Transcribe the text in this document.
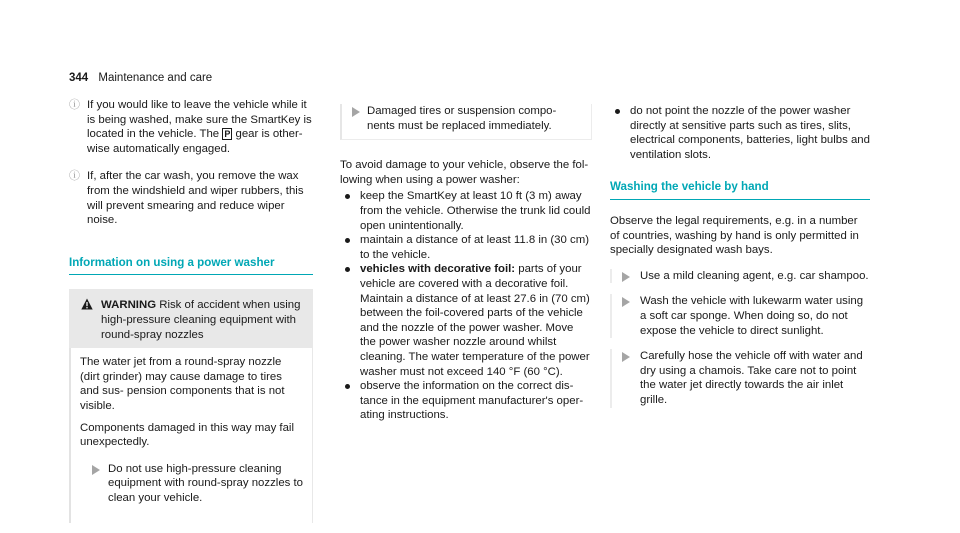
344 Maintenance and care
ⓘ If you would like to leave the vehicle while it is being washed, make sure the SmartKey is located in the vehicle. The P gear is other- wise automatically engaged.

ⓘ If, after the car wash, you remove the wax from the windshield and wiper rubbers, this will prevent smearing and reduce wiper noise.

Information on using a power washer

WARNING Risk of accident when using high-pressure cleaning equipment with round-spray nozzles

The water jet from a round-spray nozzle (dirt grinder) may cause damage to tires and sus- pension components that is not visible.

Components damaged in this way may fail unexpectedly.

Do not use high-pressure cleaning equipment with round-spray nozzles to clean your vehicle.

Damaged tires or suspension compo- nents must be replaced immediately.

To avoid damage to your vehicle, observe the fol- lowing when using a power washer:

keep the SmartKey at least 10 ft (3 m) away from the vehicle. Otherwise the trunk lid could open unintentionally.
maintain a distance of at least 11.8 in (30 cm) to the vehicle.
vehicles with decorative foil: parts of your vehicle are covered with a decorative foil. Maintain a distance of at least 27.6 in (70 cm) between the foil-covered parts of the vehicle and the nozzle of the power washer. Move the power washer nozzle around whilst cleaning. The water temperature of the power washer must not exceed 140 °F (60 °C).
observe the information on the correct dis- tance in the equipment manufacturer's oper- ating instructions.
do not point the nozzle of the power washer directly at sensitive parts such as tires, slits, electrical components, batteries, light bulbs and ventilation slots.
Washing the vehicle by hand

Observe the legal requirements, e.g. in a number of countries, washing by hand is only permitted in specially designated wash bays.

Use a mild cleaning agent, e.g. car shampoo.

Wash the vehicle with lukewarm water using a soft car sponge. When doing so, do not expose the vehicle to direct sunlight.

Carefully hose the vehicle off with water and dry using a chamois. Take care not to point the water jet directly towards the air inlet grille.
